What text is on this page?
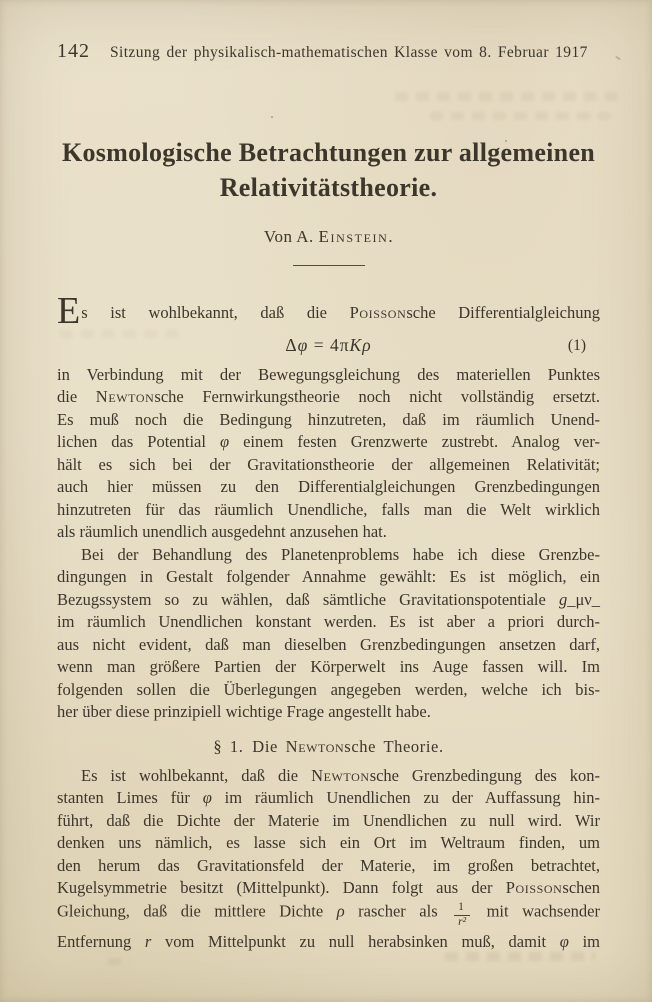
142 Sitzung der physikalisch-mathematischen Klasse vom 8. Februar 1917
Kosmologische Betrachtungen zur allgemeinen
Relativitätstheorie.
Von A. Einstein.
Es ist wohlbekannt, daß die Poissonsche Differentialgleichung
Δφ = 4πKρ	(1)
in Verbindung mit der Bewegungsgleichung des materiellen Punktes
die Newtonsche Fernwirkungstheorie noch nicht vollständig ersetzt.
Es muß noch die Bedingung hinzutreten, daß im räumlich Unend-
lichen das Potential φ einem festen Grenzwerte zustrebt. Analog ver-
hält es sich bei der Gravitationstheorie der allgemeinen Relativität;
auch hier müssen zu den Differentialgleichungen Grenzbedingungen
hinzutreten für das räumlich Unendliche, falls man die Welt wirklich
als räumlich unendlich ausgedehnt anzusehen hat.
Bei der Behandlung des Planetenproblems habe ich diese Grenzbe-
dingungen in Gestalt folgender Annahme gewählt: Es ist möglich, ein
Bezugssystem so zu wählen, daß sämtliche Gravitationspotentiale g_μν_
im räumlich Unendlichen konstant werden. Es ist aber a priori durch-
aus nicht evident, daß man dieselben Grenzbedingungen ansetzen darf,
wenn man größere Partien der Körperwelt ins Auge fassen will. Im
folgenden sollen die Überlegungen angegeben werden, welche ich bis-
her über diese prinzipiell wichtige Frage angestellt habe.
§ 1. Die Newtonsche Theorie.
Es ist wohlbekannt, daß die Newtonsche Grenzbedingung des kon-
stanten Limes für φ im räumlich Unendlichen zu der Auffassung hin-
führt, daß die Dichte der Materie im Unendlichen zu null wird. Wir
denken uns nämlich, es lasse sich ein Ort im Weltraum finden, um
den herum das Gravitationsfeld der Materie, im großen betrachtet,
Kugelsymmetrie besitzt (Mittelpunkt). Dann folgt aus der Poissonschen
Gleichung, daß die mittlere Dichte ρ rascher als $\frac{1}{\text{r²}}$ mit wachsender
Entfernung r vom Mittelpunkt zu null herabsinken muß, damit φ im
